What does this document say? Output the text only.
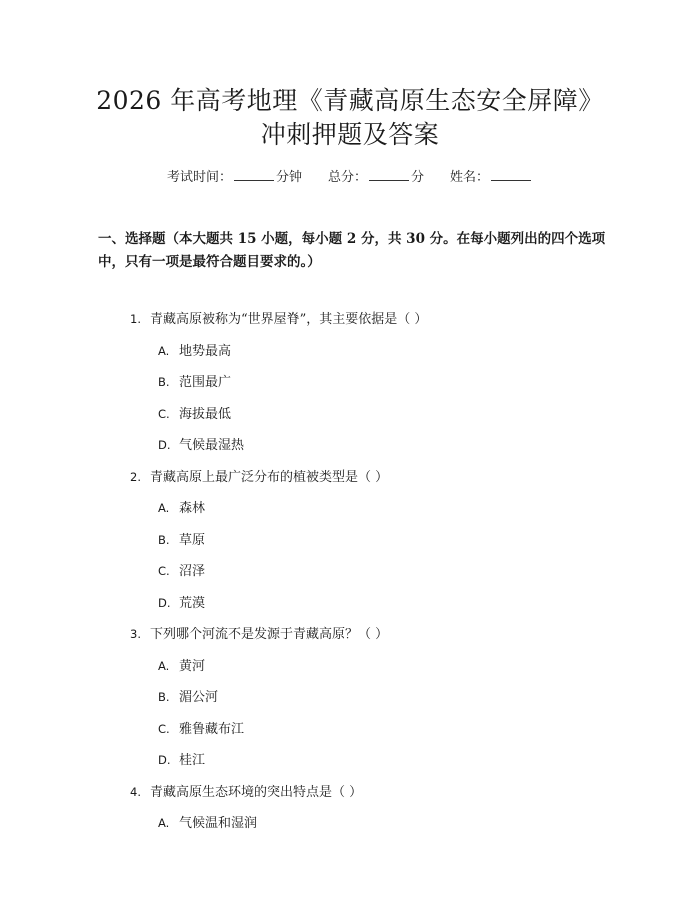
2026 年高考地理《青藏高原生态安全屏障》
冲刺押题及答案
考试时间：	分钟 总分：	分 姓名：
一、选择题（本大题共 15 小题，每小题 2 分，共 30 分。在每小题列出的四个选项中，只有一项是最符合题目要求的。）
1. 青藏高原被称为“世界屋脊”，其主要依据是（ ）
A. 地势最高
B. 范围最广
C. 海拔最低
D. 气候最湿热
2. 青藏高原上最广泛分布的植被类型是（ ）
A. 森林
B. 草原
C. 沼泽
D. 荒漠
3. 下列哪个河流不是发源于青藏高原？（ ）
A. 黄河
B. 湄公河
C. 雅鲁藏布江
D. 桂江
4. 青藏高原生态环境的突出特点是（ ）
A. 气候温和湿润
